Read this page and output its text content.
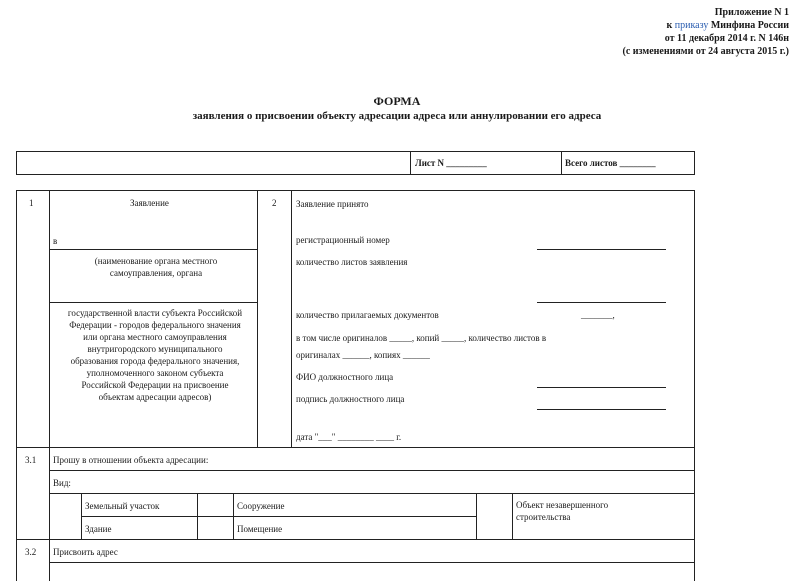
Приложение N 1
к приказу Минфина России
от 11 декабря 2014 г. N 146н
(с изменениями от 24 августа 2015 г.)
ФОРМА
заявления о присвоении объекту адресации адреса или аннулировании его адреса
Лист N _________	Всего листов ________
1	Заявление
в
(наименование органа местного самоуправления, органа
государственной власти субъекта Российской Федерации - городов федерального значения или органа местного самоуправления внутригородского муниципального образования города федерального значения, уполномоченного законом субъекта Российской Федерации на присвоение объектам адресации адресов)
2 Заявление принято
регистрационный номер
количество листов заявления
количество прилагаемых документов	_______,
в том числе оригиналов _____, копий _____, количество листов в
оригиналах ______, копиях ______
ФИО должностного лица
подпись должностного лица
дата "___" ________ ____ г.
3.1 Прошу в отношении объекта адресации:
Вид:
Земельный участок	Сооружение	Объект незавершенного строительства
Здание	Помещение
3.2 Присвоить адрес
